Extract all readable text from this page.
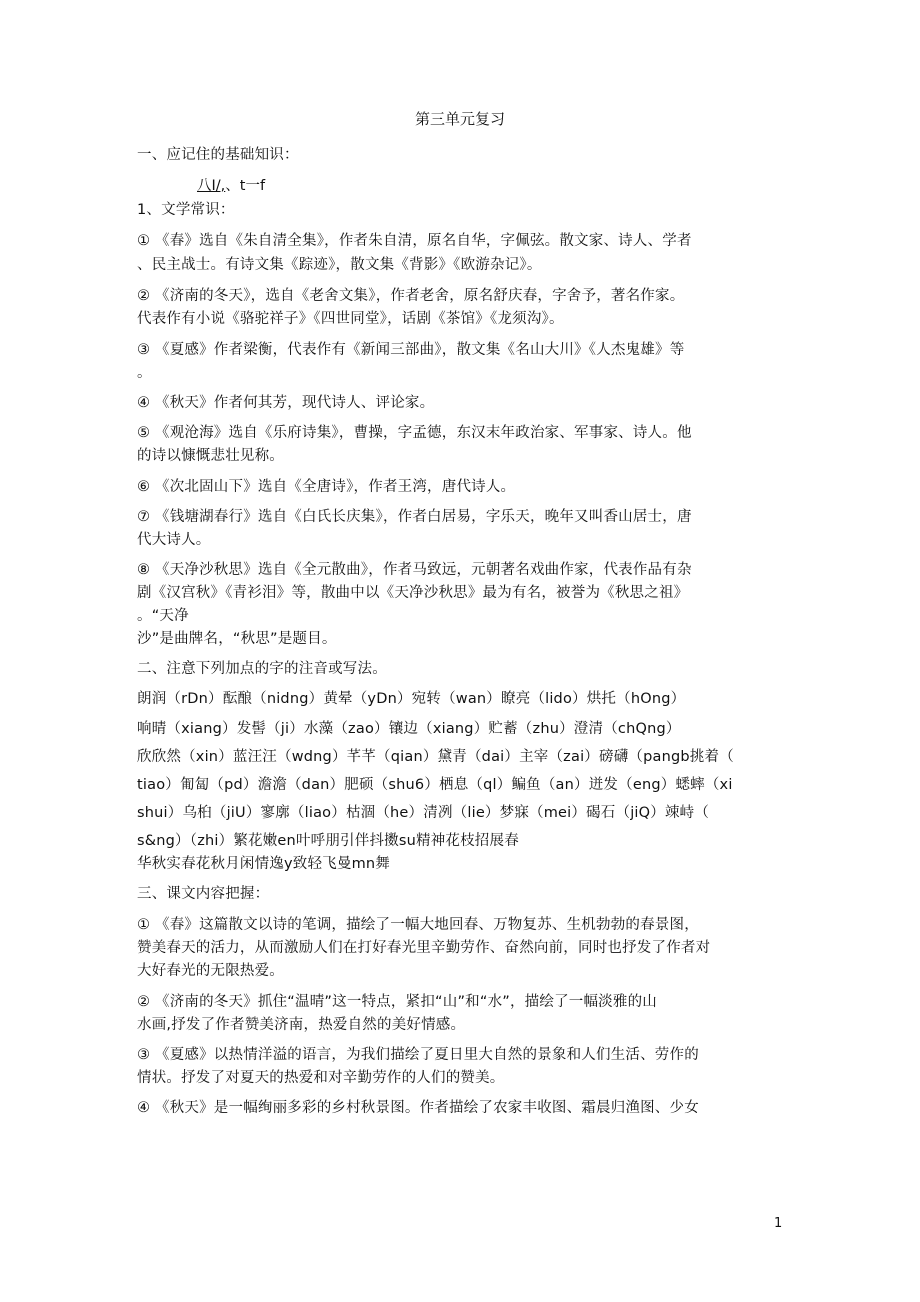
第三单元复习
一、应记住的基础知识：
八I/,、t一f
1、文学常识：
① 《春》选自《朱自清全集》，作者朱自清，原名自华，字佩弦。散文家、诗人、学者
、民主战士。有诗文集《踪迹》，散文集《背影》《欧游杂记》。
② 《济南的冬天》，选自《老舍文集》，作者老舍，原名舒庆春，字舍予，著名作家。
代表作有小说《骆驼祥子》《四世同堂》，话剧《茶馆》《龙须沟》。
③ 《夏感》作者梁衡，代表作有《新闻三部曲》，散文集《名山大川》《人杰鬼雄》等
。
④ 《秋天》作者何其芳，现代诗人、评论家。
⑤ 《观沧海》选自《乐府诗集》，曹操，字孟德，东汉末年政治家、军事家、诗人。他
的诗以慷慨悲壮见称。
⑥ 《次北固山下》选自《全唐诗》，作者王湾，唐代诗人。
⑦ 《钱塘湖春行》选自《白氏长庆集》，作者白居易，字乐天，晚年又叫香山居士，唐
代大诗人。
⑧ 《天净沙秋思》选自《全元散曲》，作者马致远，元朝著名戏曲作家，代表作品有杂
剧《汉宫秋》《青衫泪》等，散曲中以《天净沙秋思》最为有名，被誉为《秋思之祖》
。“天净
沙”是曲牌名，“秋思”是题目。
二、注意下列加点的字的注音或写法。
朗润（rDn）酝酿（nidng）黄晕（yDn）宛转（wan）瞭亮（lido）烘托（hOng）
响晴（xiang）发髻（ji）水藻（zao）镶边（xiang）贮蓄（zhu）澄清（chQng）
欣欣然（xin）蓝汪汪（wdng）芊芊（qian）黛青（dai）主宰（zai）磅礴（pangb挑着（
tiao）匍匐（pd）澹澹（dan）肥硕（shu6）栖息（ql）鳊鱼（an）迸发（eng）蟋蟀（xi
shui）乌桕（jiU）寥廓（liao）枯涸（he）清冽（lie）梦寐（mei）碣石（jiQ）竦峙（
s&ng）（zhi）繁花嫩en叶呼朋引伴抖擞su精神花枝招展春
华秋实春花秋月闲情逸y致轻飞曼mn舞
三、课文内容把握：
① 《春》这篇散文以诗的笔调，描绘了一幅大地回春、万物复苏、生机勃勃的春景图，
赞美春天的活力，从而激励人们在打好春光里辛勤劳作、奋然向前，同时也抒发了作者对
大好春光的无限热爱。
② 《济南的冬天》抓住“温晴”这一特点，紧扣“山”和“水”，描绘了一幅淡雅的山
水画,抒发了作者赞美济南，热爱自然的美好情感。
③ 《夏感》以热情洋溢的语言，为我们描绘了夏日里大自然的景象和人们生活、劳作的
情状。抒发了对夏天的热爱和对辛勤劳作的人们的赞美。
④ 《秋天》是一幅绚丽多彩的乡村秋景图。作者描绘了农家丰收图、霜晨归渔图、少女
1
